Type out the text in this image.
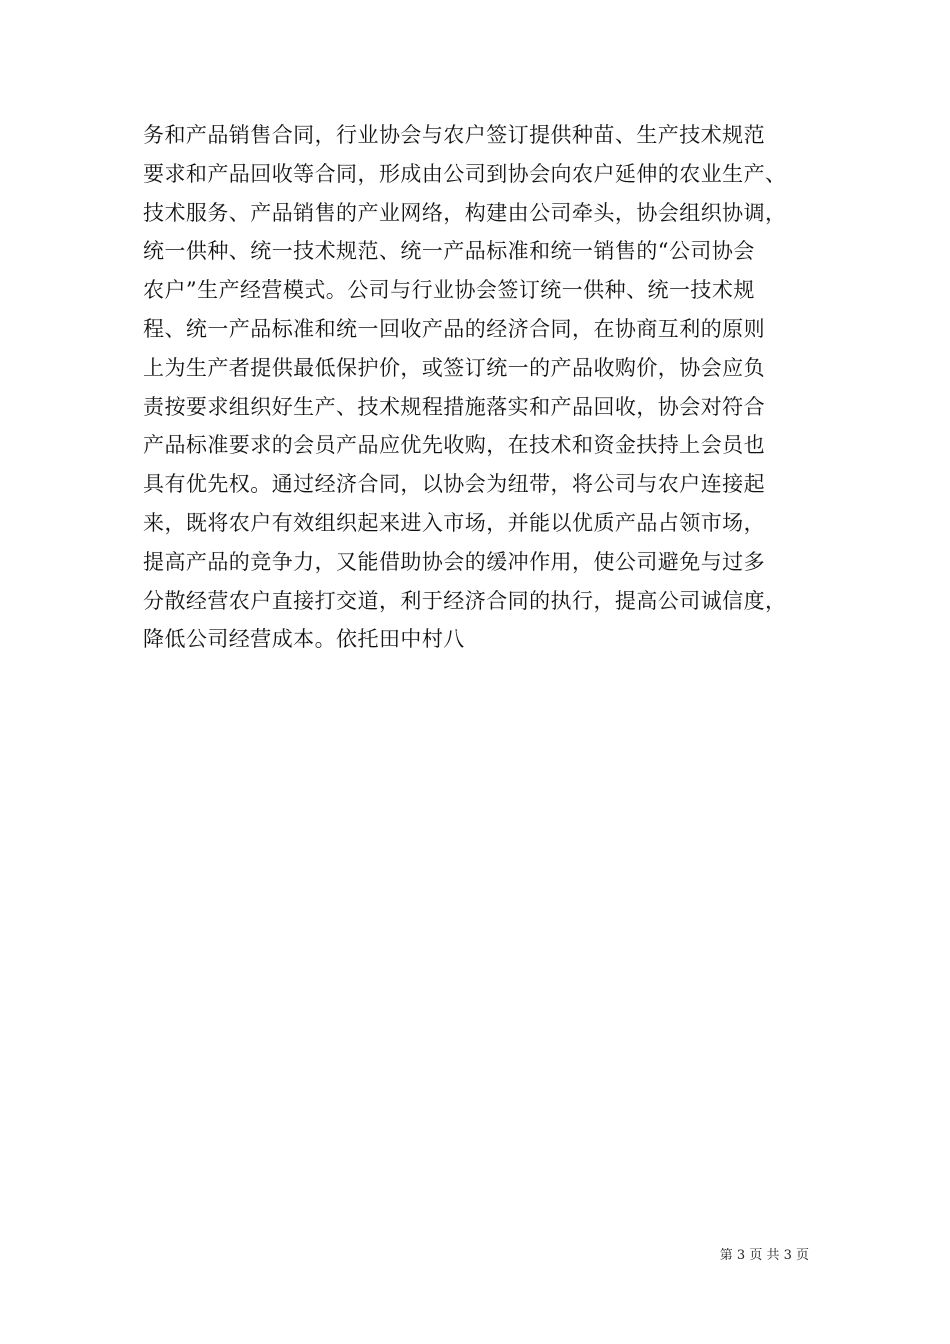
务和产品销售合同，行业协会与农户签订提供种苗、生产技术规范
要求和产品回收等合同，形成由公司到协会向农户延伸的农业生产、
技术服务、产品销售的产业网络，构建由公司牵头，协会组织协调，
统一供种、统一技术规范、统一产品标准和统一销售的“公司协会
农户”生产经营模式。公司与行业协会签订统一供种、统一技术规
程、统一产品标准和统一回收产品的经济合同，在协商互利的原则
上为生产者提供最低保护价，或签订统一的产品收购价，协会应负
责按要求组织好生产、技术规程措施落实和产品回收，协会对符合
产品标准要求的会员产品应优先收购，在技术和资金扶持上会员也
具有优先权。通过经济合同，以协会为纽带，将公司与农户连接起
来，既将农户有效组织起来进入市场，并能以优质产品占领市场，
提高产品的竞争力，又能借助协会的缓冲作用，使公司避免与过多
分散经营农户直接打交道，利于经济合同的执行，提高公司诚信度，
降低公司经营成本。依托田中村八
第 3 页 共 3 页
